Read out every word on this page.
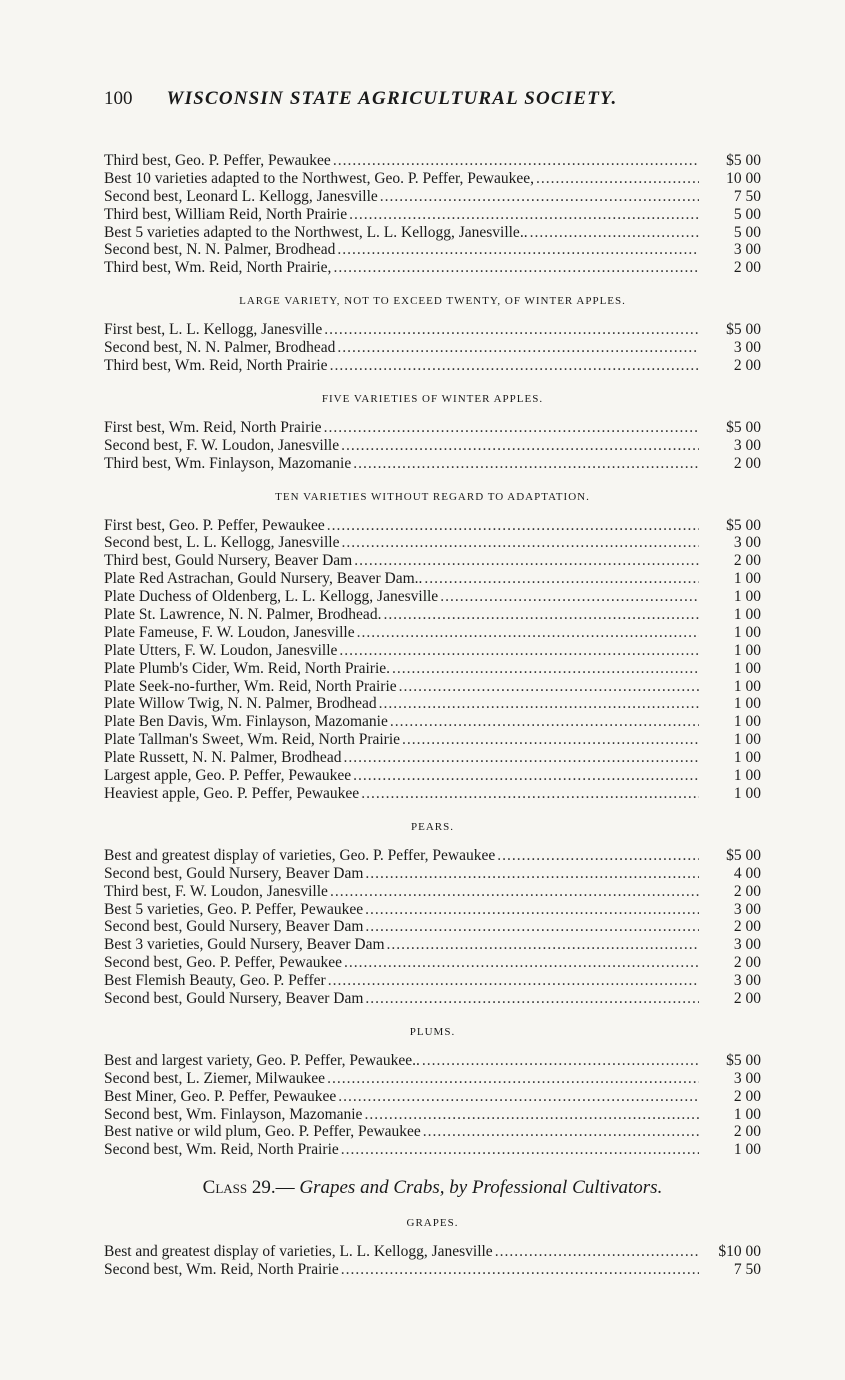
100 WISCONSIN STATE AGRICULTURAL SOCIETY.
Third best, Geo. P. Peffer, Pewaukee .....	$5 00
Best 10 varieties adapted to the Northwest, Geo. P. Peffer, Pewaukee, .....	10 00
Second best, Leonard L. Kellogg, Janesville .....	7 50
Third best, William Reid, North Prairie .....	5 00
Best 5 varieties adapted to the Northwest, L. L. Kellogg, Janesville.. .....	5 00
Second best, N. N. Palmer, Brodhead .....	3 00
Third best, Wm. Reid, North Prairie, .....	2 00
LARGE VARIETY, NOT TO EXCEED TWENTY, OF WINTER APPLES.
First best, L. L. Kellogg, Janesville .....	$5 00
Second best, N. N. Palmer, Brodhead .....	3 00
Third best, Wm. Reid, North Prairie .....	2 00
FIVE VARIETIES OF WINTER APPLES.
First best, Wm. Reid, North Prairie .....	$5 00
Second best, F. W. Loudon, Janesville .....	3 00
Third best, Wm. Finlayson, Mazomanie .....	2 00
TEN VARIETIES WITHOUT REGARD TO ADAPTATION.
First best, Geo. P. Peffer, Pewaukee .....	$5 00
Second best, L. L. Kellogg, Janesville .....	3 00
Third best, Gould Nursery, Beaver Dam .....	2 00
Plate Red Astrachan, Gould Nursery, Beaver Dam.. .....	1 00
Plate Duchess of Oldenberg, L. L. Kellogg, Janesville .....	1 00
Plate St. Lawrence, N. N. Palmer, Brodhead. .....	1 00
Plate Fameuse, F. W. Loudon, Janesville .....	1 00
Plate Utters, F. W. Loudon, Janesville .....	1 00
Plate Plumb's Cider, Wm. Reid, North Prairie. .....	1 00
Plate Seek-no-further, Wm. Reid, North Prairie .....	1 00
Plate Willow Twig, N. N. Palmer, Brodhead .....	1 00
Plate Ben Davis, Wm. Finlayson, Mazomanie .....	1 00
Plate Tallman's Sweet, Wm. Reid, North Prairie .....	1 00
Plate Russett, N. N. Palmer, Brodhead .....	1 00
Largest apple, Geo. P. Peffer, Pewaukee .....	1 00
Heaviest apple, Geo. P. Peffer, Pewaukee .....	1 00
PEARS.
Best and greatest display of varieties, Geo. P. Peffer, Pewaukee .....	$5 00
Second best, Gould Nursery, Beaver Dam .....	4 00
Third best, F. W. Loudon, Janesville .....	2 00
Best 5 varieties, Geo. P. Peffer, Pewaukee .....	3 00
Second best, Gould Nursery, Beaver Dam .....	2 00
Best 3 varieties, Gould Nursery, Beaver Dam .....	3 00
Second best, Geo. P. Peffer, Pewaukee .....	2 00
Best Flemish Beauty, Geo. P. Peffer .....	3 00
Second best, Gould Nursery, Beaver Dam .....	2 00
PLUMS.
Best and largest variety, Geo. P. Peffer, Pewaukee.. .....	$5 00
Second best, L. Ziemer, Milwaukee .....	3 00
Best Miner, Geo. P. Peffer, Pewaukee .....	2 00
Second best, Wm. Finlayson, Mazomanie .....	1 00
Best native or wild plum, Geo. P. Peffer, Pewaukee .....	2 00
Second best, Wm. Reid, North Prairie .....	1 00
Class 29.— Grapes and Crabs, by Professional Cultivators.
GRAPES.
Best and greatest display of varieties, L. L. Kellogg, Janesville .....	$10 00
Second best, Wm. Reid, North Prairie .....	7 50
